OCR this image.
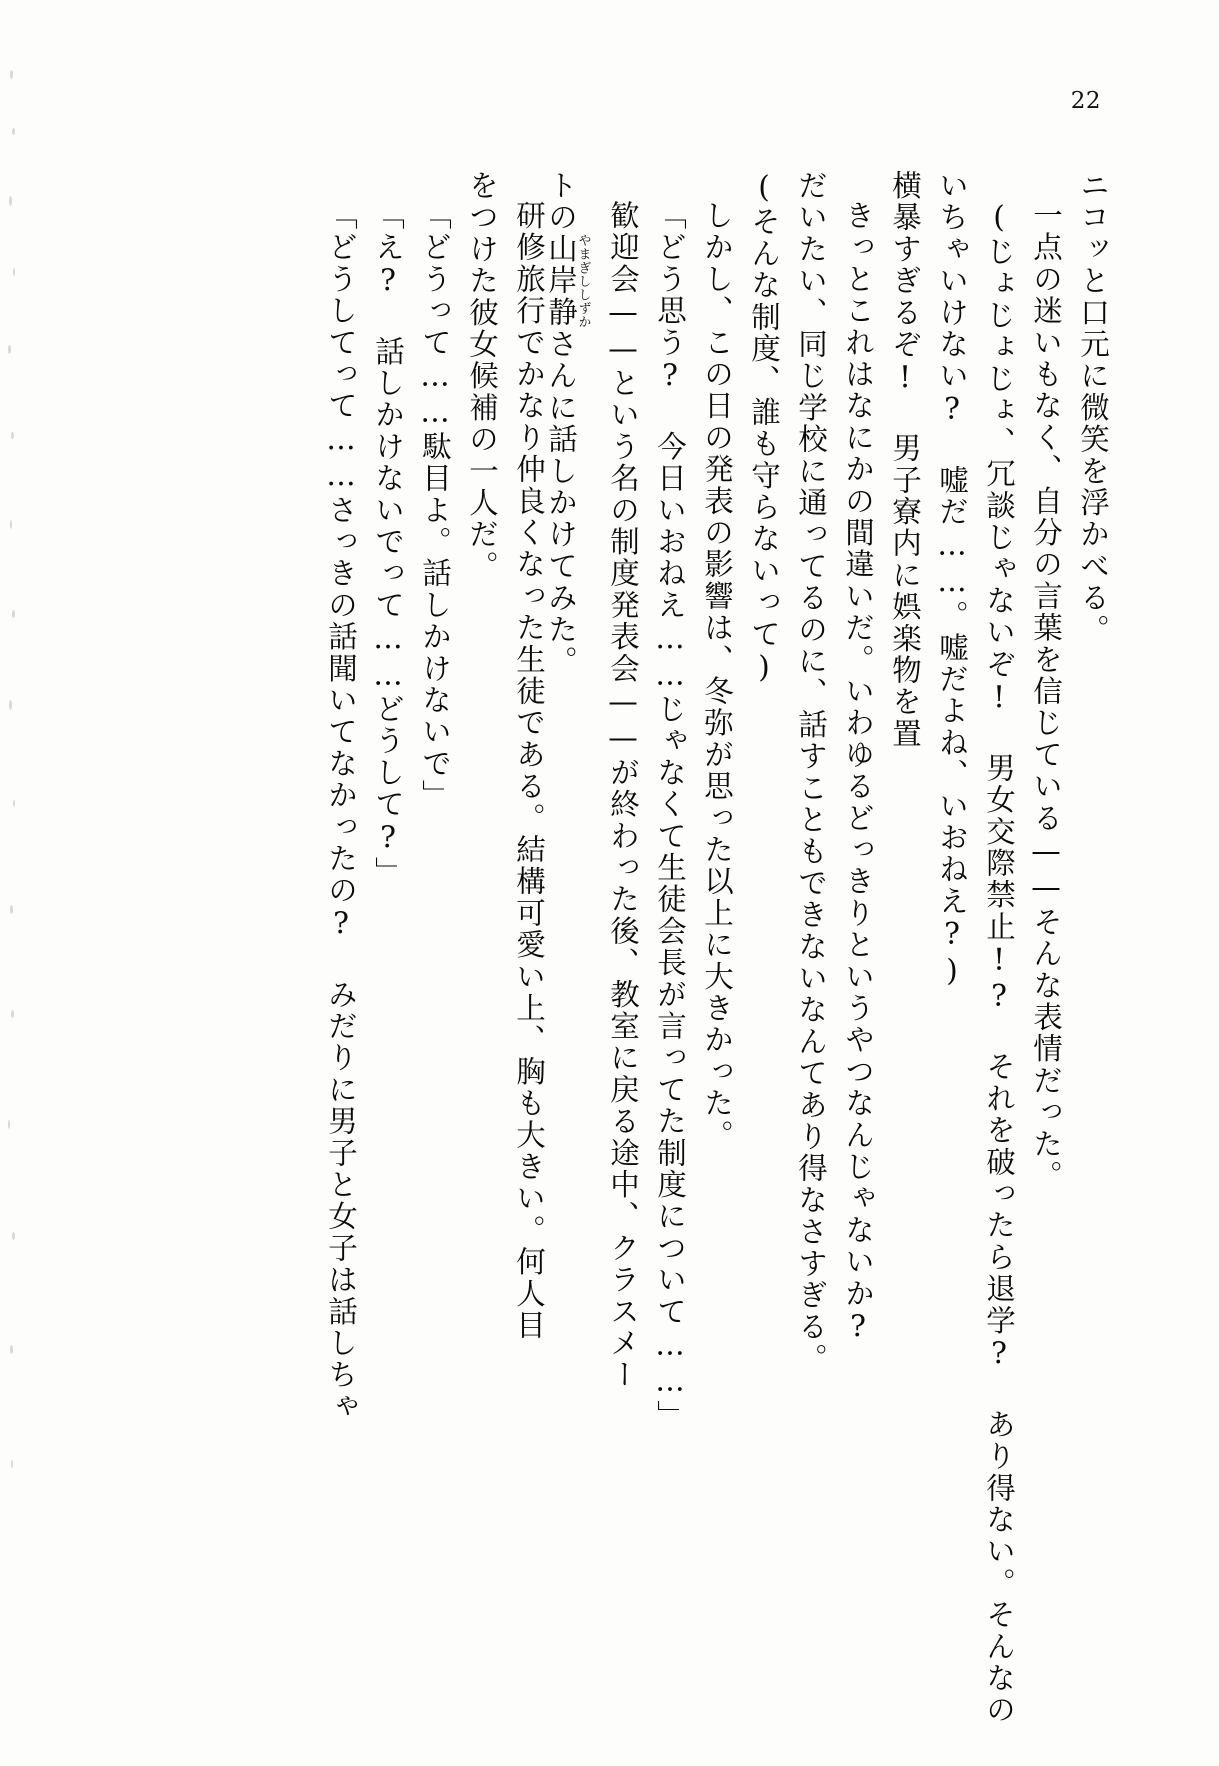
22
ニコッと口元に微笑を浮かべる。
一点の迷いもなく、自分の言葉を信じている——そんな表情だった。
(じょじょじょ、冗談じゃないぞ! 男女交際禁止!? それを破ったら退学? あり得ない。そんなの
いちゃいけない? 嘘だ……。嘘だよね、いおねえ?)
横暴すぎるぞ! 男子寮内に娯楽物を置
きっとこれはなにかの間違いだ。いわゆるどっきりというやつなんじゃないか?
だいたい、同じ学校に通ってるのに、話すこともできないなんてあり得なさすぎる。
(そんな制度、誰も守らないって)
しかし、この日の発表の影響は、冬弥が思った以上に大きかった。
「どう思う? 今日いおねえ……じゃなくて生徒会長が言ってた制度について……」
歓迎会——という名の制度発表会——が終わった後、教室に戻る途中、クラスメー
トの山岸静やまぎししずかさんに話しかけてみた。
研修旅行でかなり仲良くなった生徒である。結構可愛い上、胸も大きい。何人目
をつけた彼女候補の一人だ。
「どうって……駄目よ。話しかけないで」
「え? 話しかけないでって……どうして?」
「どうしてって……さっきの話聞いてなかったの? みだりに男子と女子は話しちゃ
